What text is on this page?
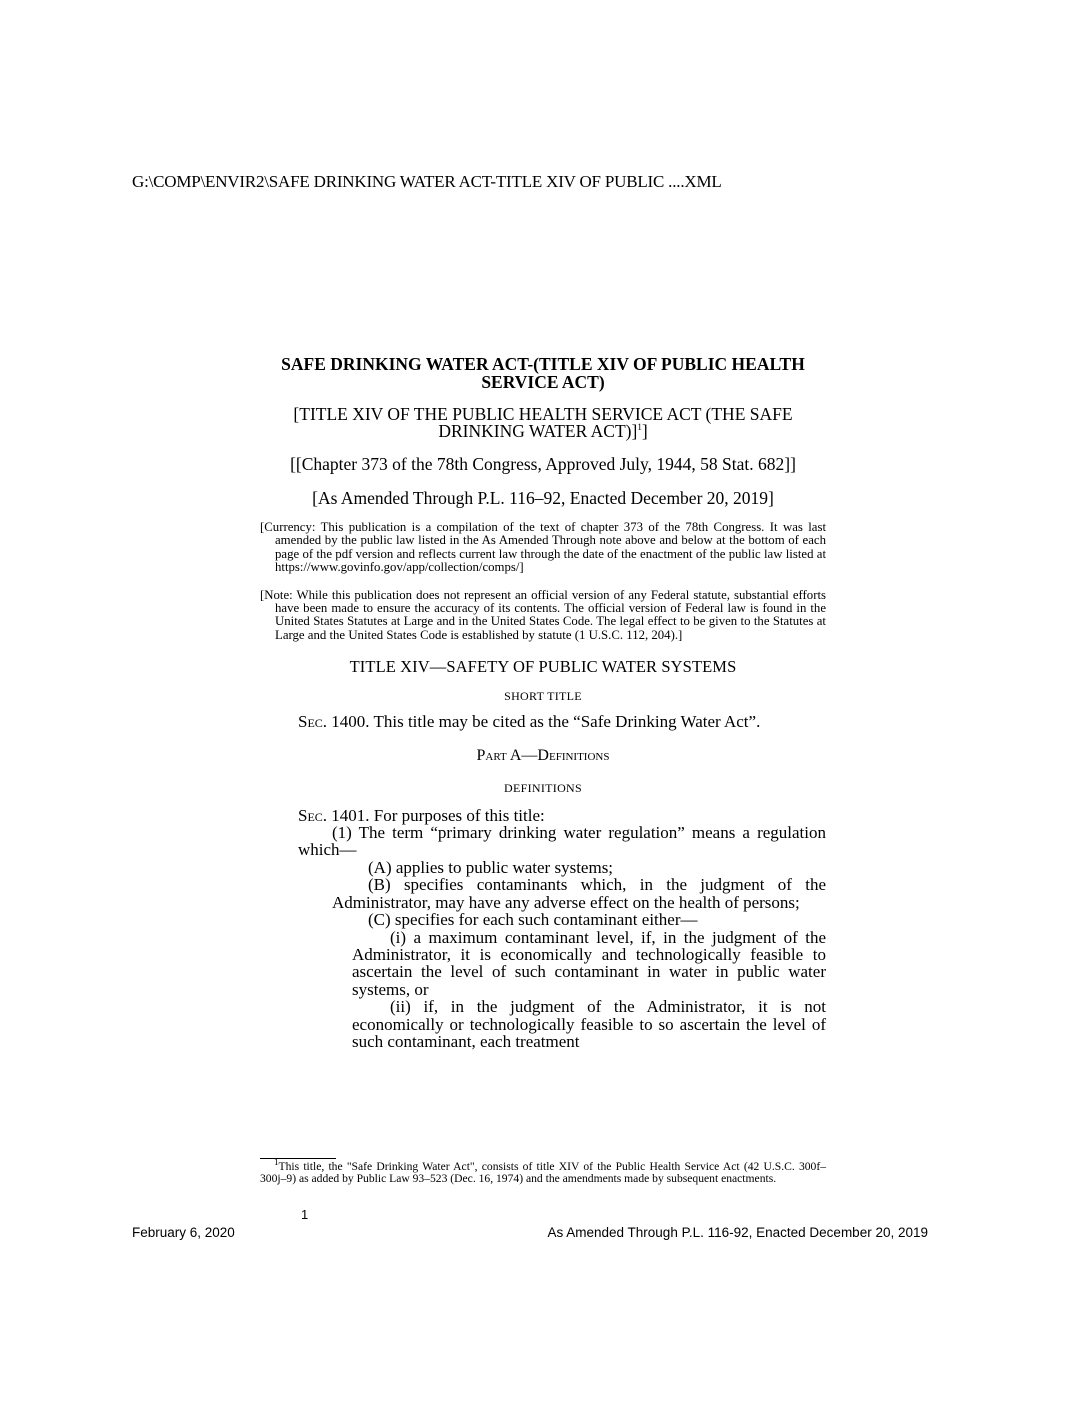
G:\COMP\ENVIR2\SAFE DRINKING WATER ACT-TITLE XIV OF PUBLIC ....XML

SAFE DRINKING WATER ACT-(TITLE XIV OF PUBLIC HEALTH SERVICE ACT)

[TITLE XIV OF THE PUBLIC HEALTH SERVICE ACT (THE SAFE DRINKING WATER ACT)]$^1$]

[[Chapter 373 of the 78th Congress, Approved July, 1944, 58 Stat. 682]]

[As Amended Through P.L. 116–92, Enacted December 20, 2019]

[Currency: This publication is a compilation of the text of chapter 373 of the 78th Congress. It was last amended by the public law listed in the As Amended Through note above and below at the bottom of each page of the pdf version and reflects current law through the date of the enactment of the public law listed at https://www.govinfo.gov/app/collection/comps/]

[Note: While this publication does not represent an official version of any Federal statute, substantial efforts have been made to ensure the accuracy of its contents. The official version of Federal law is found in the United States Statutes at Large and in the United States Code. The legal effect to be given to the Statutes at Large and the United States Code is established by statute (1 U.S.C. 112, 204).]

TITLE XIV—SAFETY OF PUBLIC WATER SYSTEMS

SHORT TITLE

Sec. 1400. This title may be cited as the “Safe Drinking Water Act”.

Part A—Definitions

DEFINITIONS

Sec. 1401. For purposes of this title:

(1) The term “primary drinking water regulation” means a regulation which—

(A) applies to public water systems;

(B) specifies contaminants which, in the judgment of the Administrator, may have any adverse effect on the health of persons;

(C) specifies for each such contaminant either—

(i) a maximum contaminant level, if, in the judgment of the Administrator, it is economically and technologically feasible to ascertain the level of such contaminant in water in public water systems, or

(ii) if, in the judgment of the Administrator, it is not economically or technologically feasible to so ascertain the level of such contaminant, each treatment

$^1$This title, the "Safe Drinking Water Act", consists of title XIV of the Public Health Service Act (42 U.S.C. 300f–300j–9) as added by Public Law 93–523 (Dec. 16, 1974) and the amendments made by subsequent enactments.
1
February 6, 2020	As Amended Through P.L. 116-92, Enacted December 20, 2019
